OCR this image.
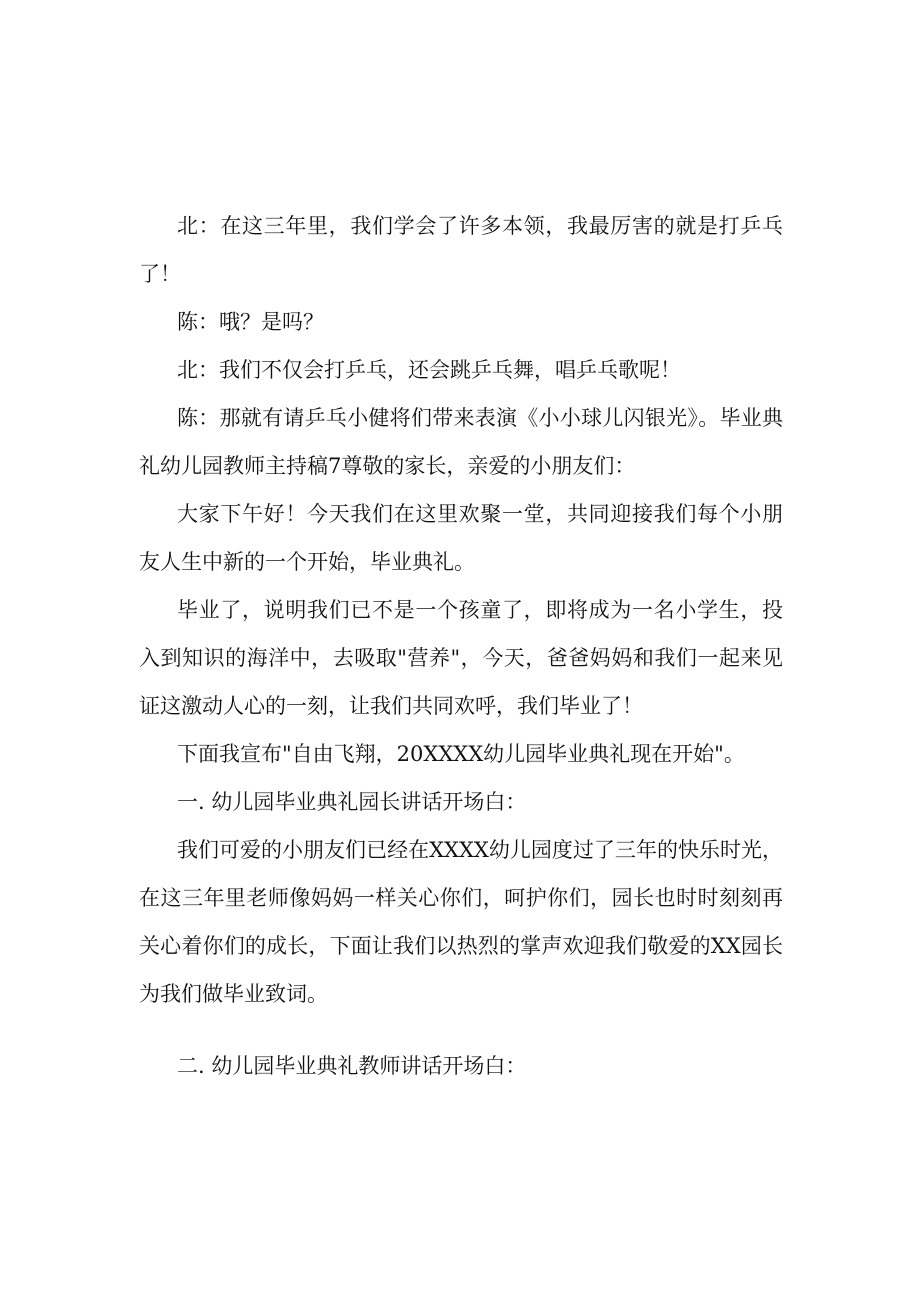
北：在这三年里，我们学会了许多本领，我最厉害的就是打乒乓了！

陈：哦？是吗？

北：我们不仅会打乒乓，还会跳乒乓舞，唱乒乓歌呢！

陈：那就有请乒乓小健将们带来表演《小小球儿闪银光》。毕业典礼幼儿园教师主持稿7尊敬的家长，亲爱的小朋友们：

大家下午好！今天我们在这里欢聚一堂，共同迎接我们每个小朋友人生中新的一个开始，毕业典礼。

毕业了，说明我们已不是一个孩童了，即将成为一名小学生，投入到知识的海洋中，去吸取"营养"，今天，爸爸妈妈和我们一起来见证这激动人心的一刻，让我们共同欢呼，我们毕业了！

下面我宣布"自由飞翔，20XXXX幼儿园毕业典礼现在开始"。

一. 幼儿园毕业典礼园长讲话开场白：

我们可爱的小朋友们已经在XXXX幼儿园度过了三年的快乐时光，在这三年里老师像妈妈一样关心你们，呵护你们，园长也时时刻刻再关心着你们的成长，下面让我们以热烈的掌声欢迎我们敬爱的XX园长为我们做毕业致词。

二. 幼儿园毕业典礼教师讲话开场白：
